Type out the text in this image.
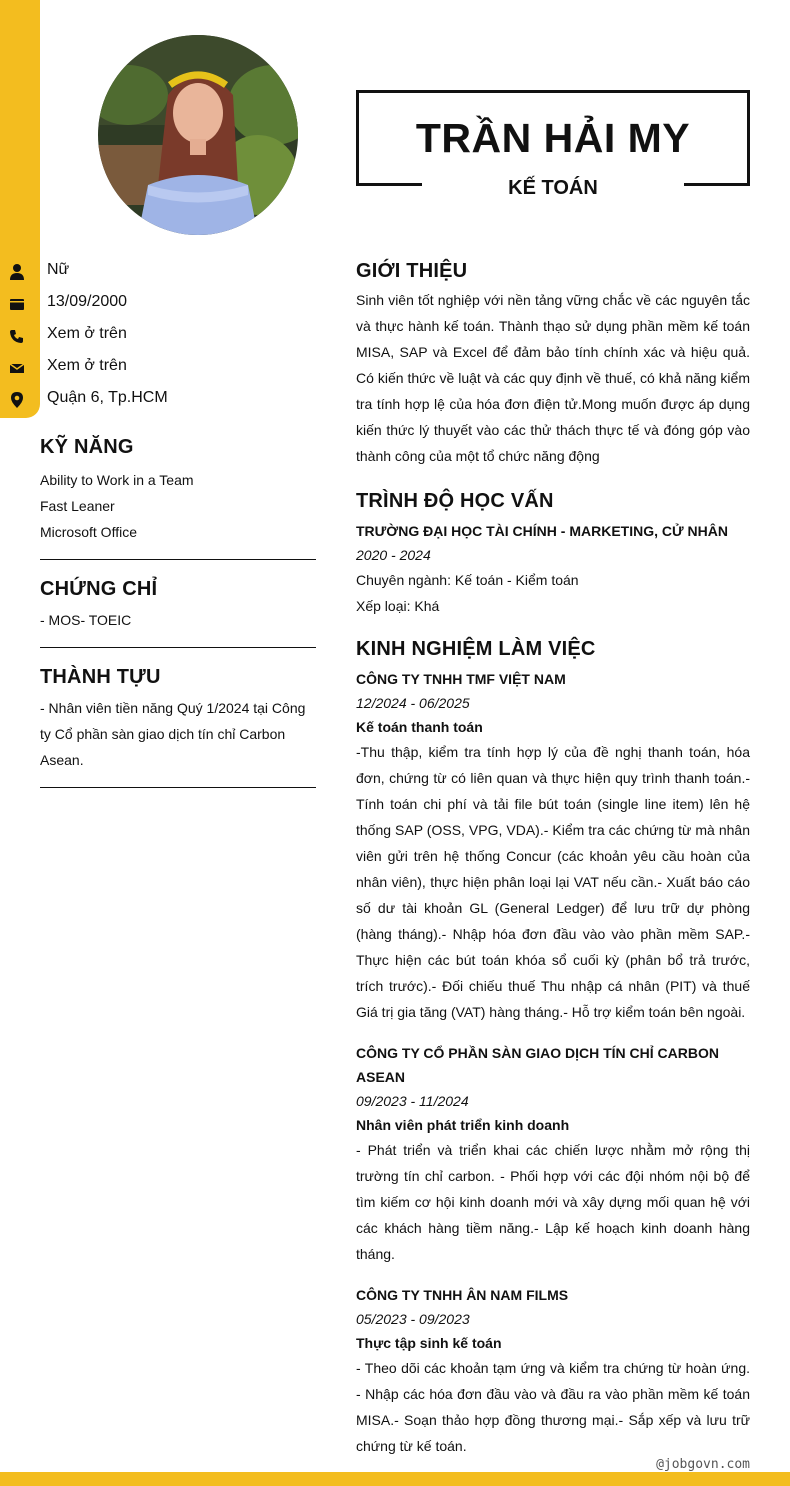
TRẦN HẢI MY
KẾ TOÁN
Nữ
13/09/2000
Xem ở trên
Xem ở trên
Quận 6, Tp.HCM
KỸ NĂNG
Ability to Work in a Team
Fast Leaner
Microsoft Office
CHỨNG CHỈ
- MOS- TOEIC
THÀNH TỰU
- Nhân viên tiền năng Quý 1/2024 tại Công ty Cổ phần sàn giao dịch tín chỉ Carbon Asean.
GIỚI THIỆU
Sinh viên tốt nghiệp với nền tảng vững chắc về các nguyên tắc và thực hành kế toán. Thành thạo sử dụng phần mềm kế toán MISA, SAP và Excel để đảm bảo tính chính xác và hiệu quả. Có kiến thức về luật và các quy định về thuế, có khả năng kiểm tra tính hợp lệ của hóa đơn điện tử.Mong muốn được áp dụng kiến thức lý thuyết vào các thử thách thực tế và đóng góp vào thành công của một tổ chức năng động
TRÌNH ĐỘ HỌC VẤN
TRƯỜNG ĐẠI HỌC TÀI CHÍNH - MARKETING, CỬ NHÂN
2020 - 2024
Chuyên ngành: Kế toán - Kiểm toán
Xếp loại: Khá
KINH NGHIỆM LÀM VIỆC
CÔNG TY TNHH TMF VIỆT NAM
12/2024 - 06/2025
Kế toán thanh toán
-Thu thập, kiểm tra tính hợp lý của đề nghị thanh toán, hóa đơn, chứng từ có liên quan và thực hiện quy trình thanh toán.- Tính toán chi phí và tải file bút toán (single line item) lên hệ thống SAP (OSS, VPG, VDA).- Kiểm tra các chứng từ mà nhân viên gửi trên hệ thống Concur (các khoản yêu cầu hoàn của nhân viên), thực hiện phân loại lại VAT nếu cần.- Xuất báo cáo số dư tài khoản GL (General Ledger) để lưu trữ dự phòng (hàng tháng).- Nhập hóa đơn đầu vào vào phần mềm SAP.- Thực hiện các bút toán khóa sổ cuối kỳ (phân bổ trả trước, trích trước).- Đối chiếu thuế Thu nhập cá nhân (PIT) và thuế Giá trị gia tăng (VAT) hàng tháng.- Hỗ trợ kiểm toán bên ngoài.
CÔNG TY CỔ PHẦN SÀN GIAO DỊCH TÍN CHỈ CARBON ASEAN
09/2023 - 11/2024
Nhân viên phát triển kinh doanh
- Phát triển và triển khai các chiến lược nhằm mở rộng thị trường tín chỉ carbon. - Phối hợp với các đội nhóm nội bộ để tìm kiếm cơ hội kinh doanh mới và xây dựng mối quan hệ với các khách hàng tiềm năng.- Lập kế hoạch kinh doanh hàng tháng.
CÔNG TY TNHH ÂN NAM FILMS
05/2023 - 09/2023
Thực tập sinh kế toán
- Theo dõi các khoản tạm ứng và kiểm tra chứng từ hoàn ứng. - Nhập các hóa đơn đầu vào và đầu ra vào phần mềm kế toán MISA.- Soạn thảo hợp đồng thương mại.- Sắp xếp và lưu trữ chứng từ kế toán.
@jobgovn.com
